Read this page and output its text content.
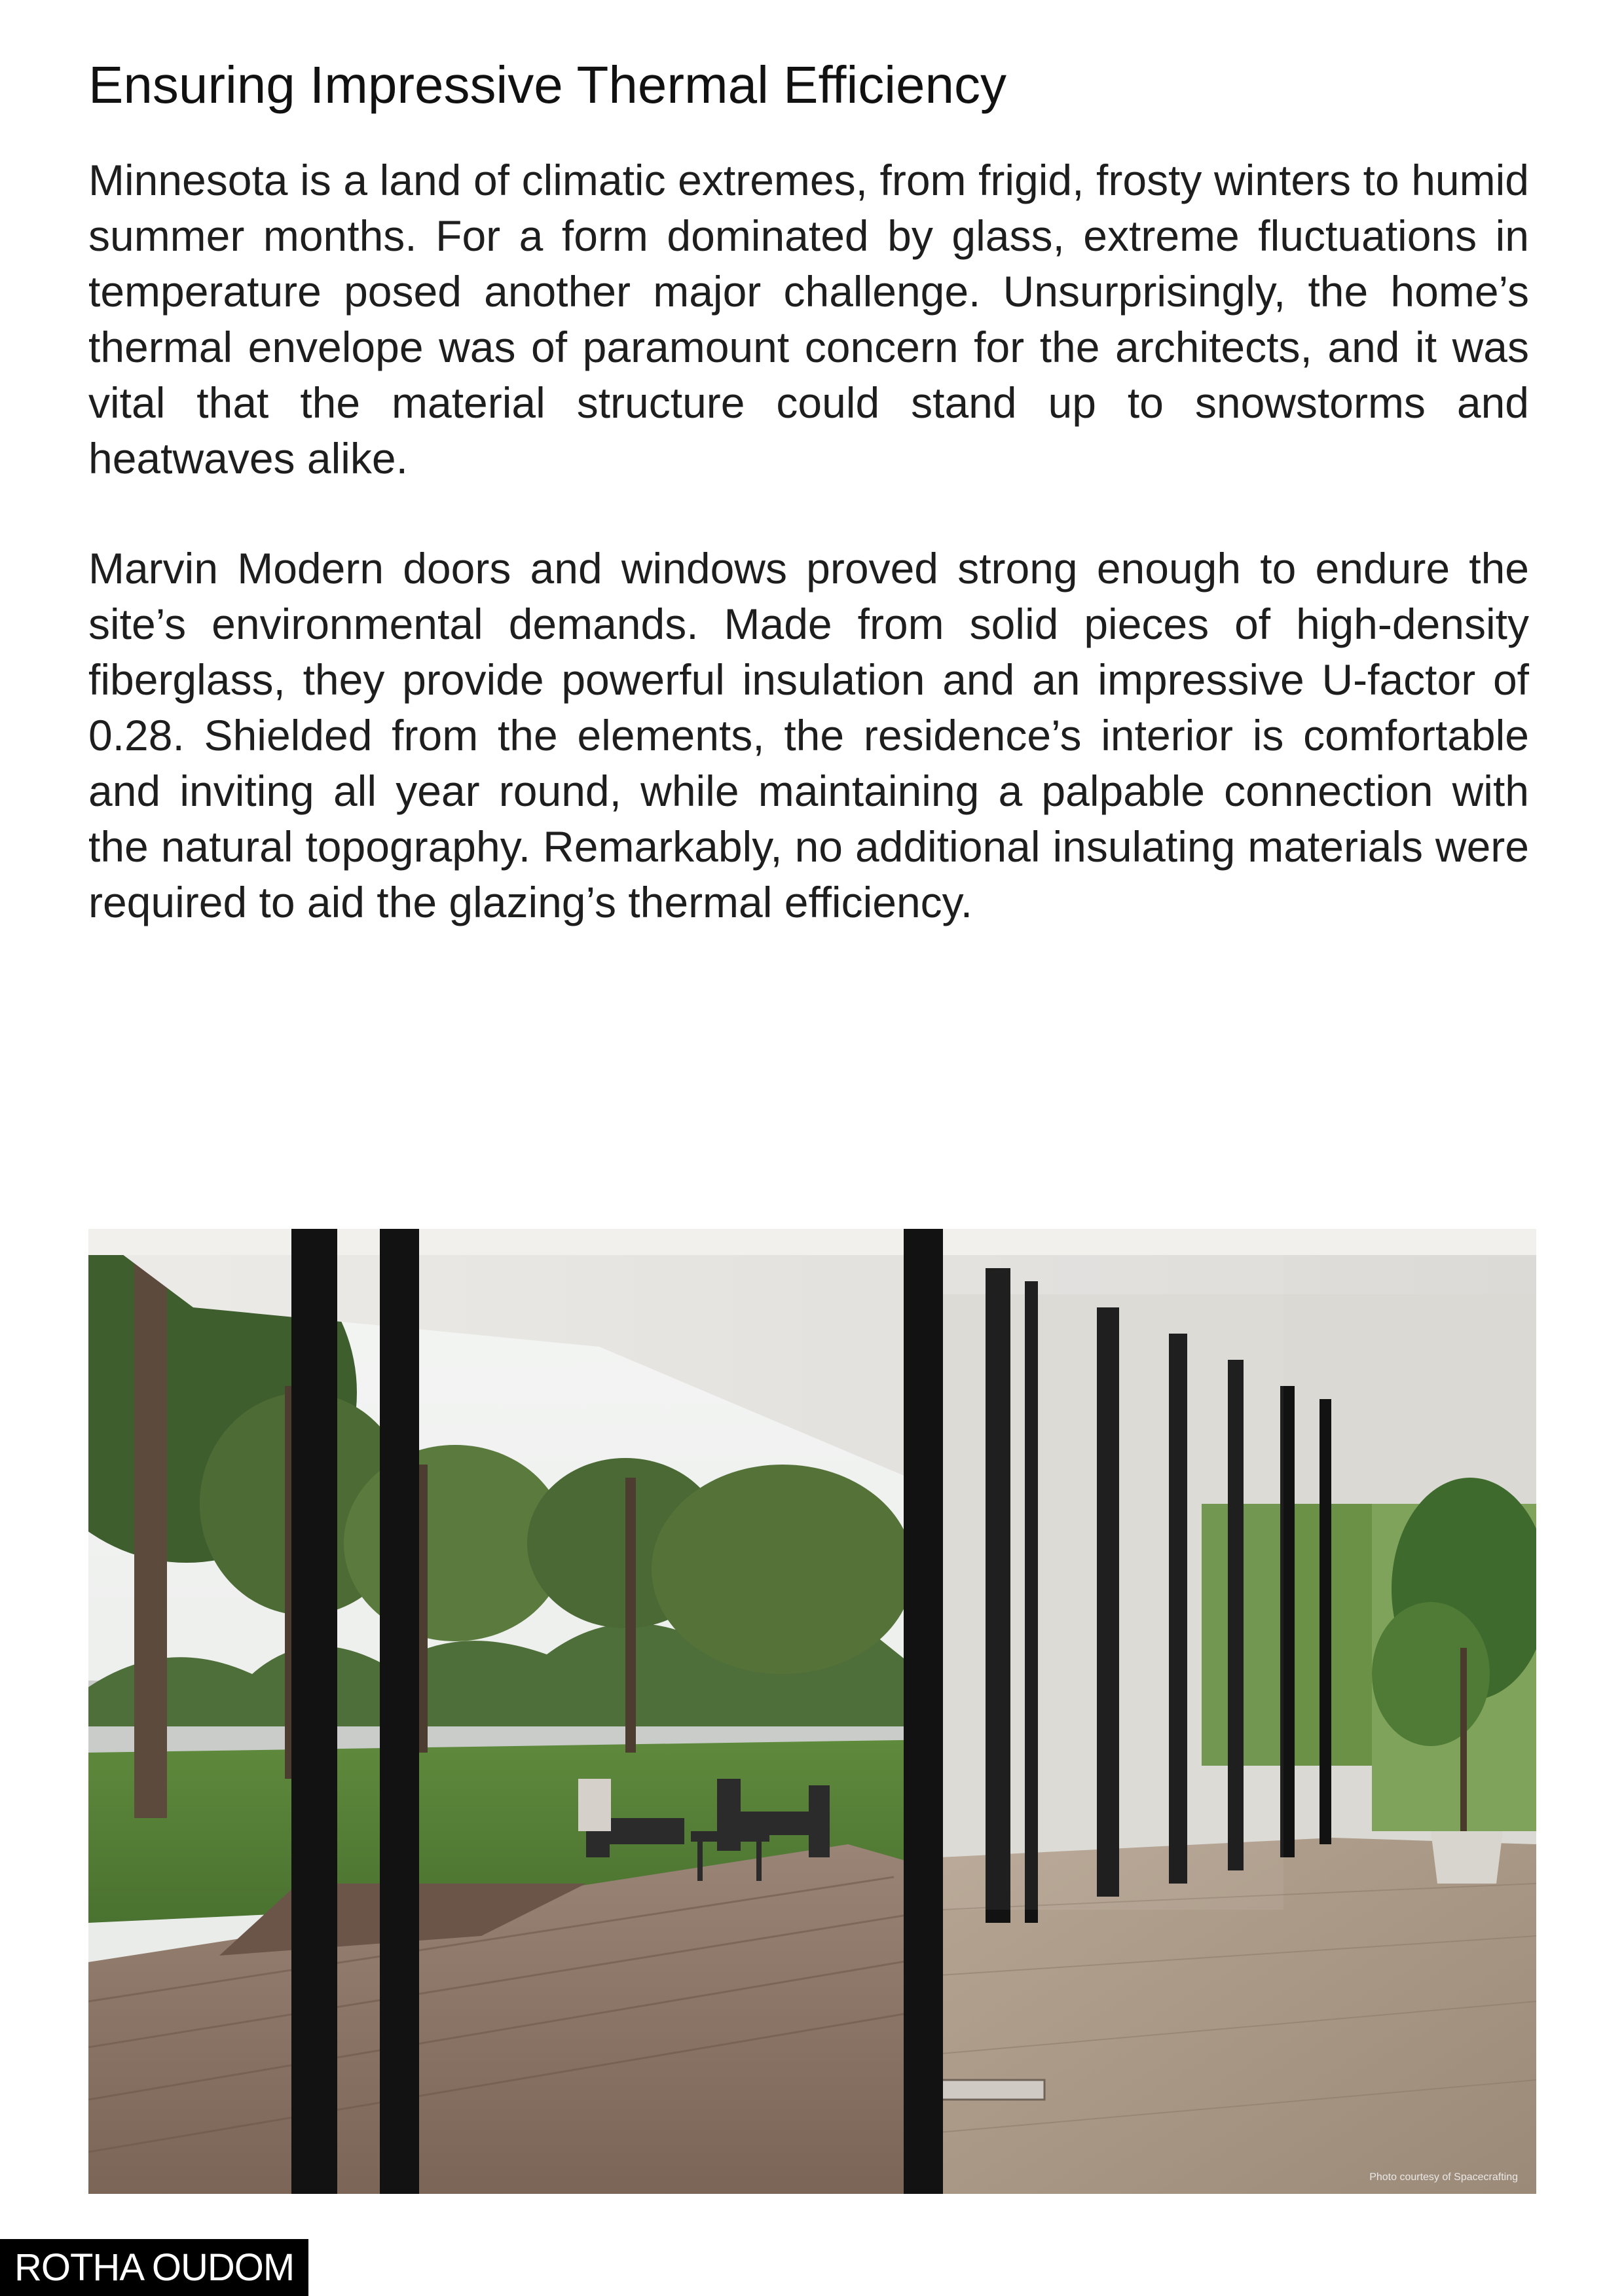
Ensuring Impressive Thermal Efficiency

Minnesota is a land of climatic extremes, from frigid, frosty winters to humid summer months. For a form dominated by glass, extreme fluctuations in temperature posed another major challenge. Unsurprisingly, the home’s thermal envelope was of paramount concern for the architects, and it was vital that the material structure could stand up to snowstorms and heatwaves alike.

Marvin Modern doors and windows proved strong enough to endure the site’s environmental demands. Made from solid pieces of high-density fiberglass, they provide powerful insulation and an impressive U-factor of 0.28. Shielded from the elements, the residence’s interior is comfortable and inviting all year round, while maintaining a palpable connection with the natural topography. Remarkably, no additional insulating materials were required to aid the glazing’s thermal efficiency.

Photo courtesy of Spacecrafting
ROTHA OUDOM
